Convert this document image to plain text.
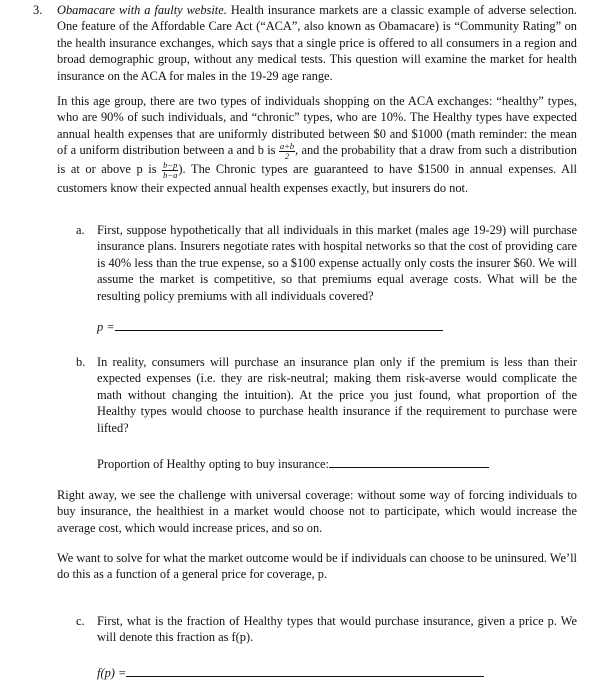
3. Obamacare with a faulty website. Health insurance markets are a classic example of adverse selection. One feature of the Affordable Care Act (“ACA”, also known as Obamacare) is “Community Rating” on the health insurance exchanges, which says that a single price is offered to all consumers in a region and broad demographic group, without any medical tests. This question will examine the market for health insurance on the ACA for males in the 19-29 age range.
In this age group, there are two types of individuals shopping on the ACA exchanges: “healthy” types, who are 90% of such individuals, and “chronic” types, who are 10%. The Healthy types have expected annual health expenses that are uniformly distributed between $0 and $1000 (math reminder: the mean of a uniform distribution between a and b is $\frac{a+b}{2}$ , and the probability that a draw from such a distribution is at or above p is $\frac{b-p}{b-a}$ ). The Chronic types are guaranteed to have $1500 in annual expenses. All customers know their expected annual health expenses exactly, but insurers do not.
a. First, suppose hypothetically that all individuals in this market (males age 19-29) will purchase insurance plans. Insurers negotiate rates with hospital networks so that the cost of providing care is 40% less than the true expense, so a $100 expense actually only costs the insurer $60. We will assume the market is competitive, so that premiums equal average costs. What will be the resulting policy premiums with all individuals covered?
p =
b. In reality, consumers will purchase an insurance plan only if the premium is less than their expected expenses (i.e. they are risk-neutral; making them risk-averse would complicate the math without changing the intuition). At the price you just found, what proportion of the Healthy types would choose to purchase health insurance if the requirement to purchase were lifted?
Proportion of Healthy opting to buy insurance:
Right away, we see the challenge with universal coverage: without some way of forcing individuals to buy insurance, the healthiest in a market would choose not to participate, which would increase the average cost, which would increase prices, and so on.
We want to solve for what the market outcome would be if individuals can choose to be uninsured. We’ll do this as a function of a general price for coverage, p.
c. First, what is the fraction of Healthy types that would purchase insurance, given a price p. We will denote this fraction as f(p).
f(p) =
